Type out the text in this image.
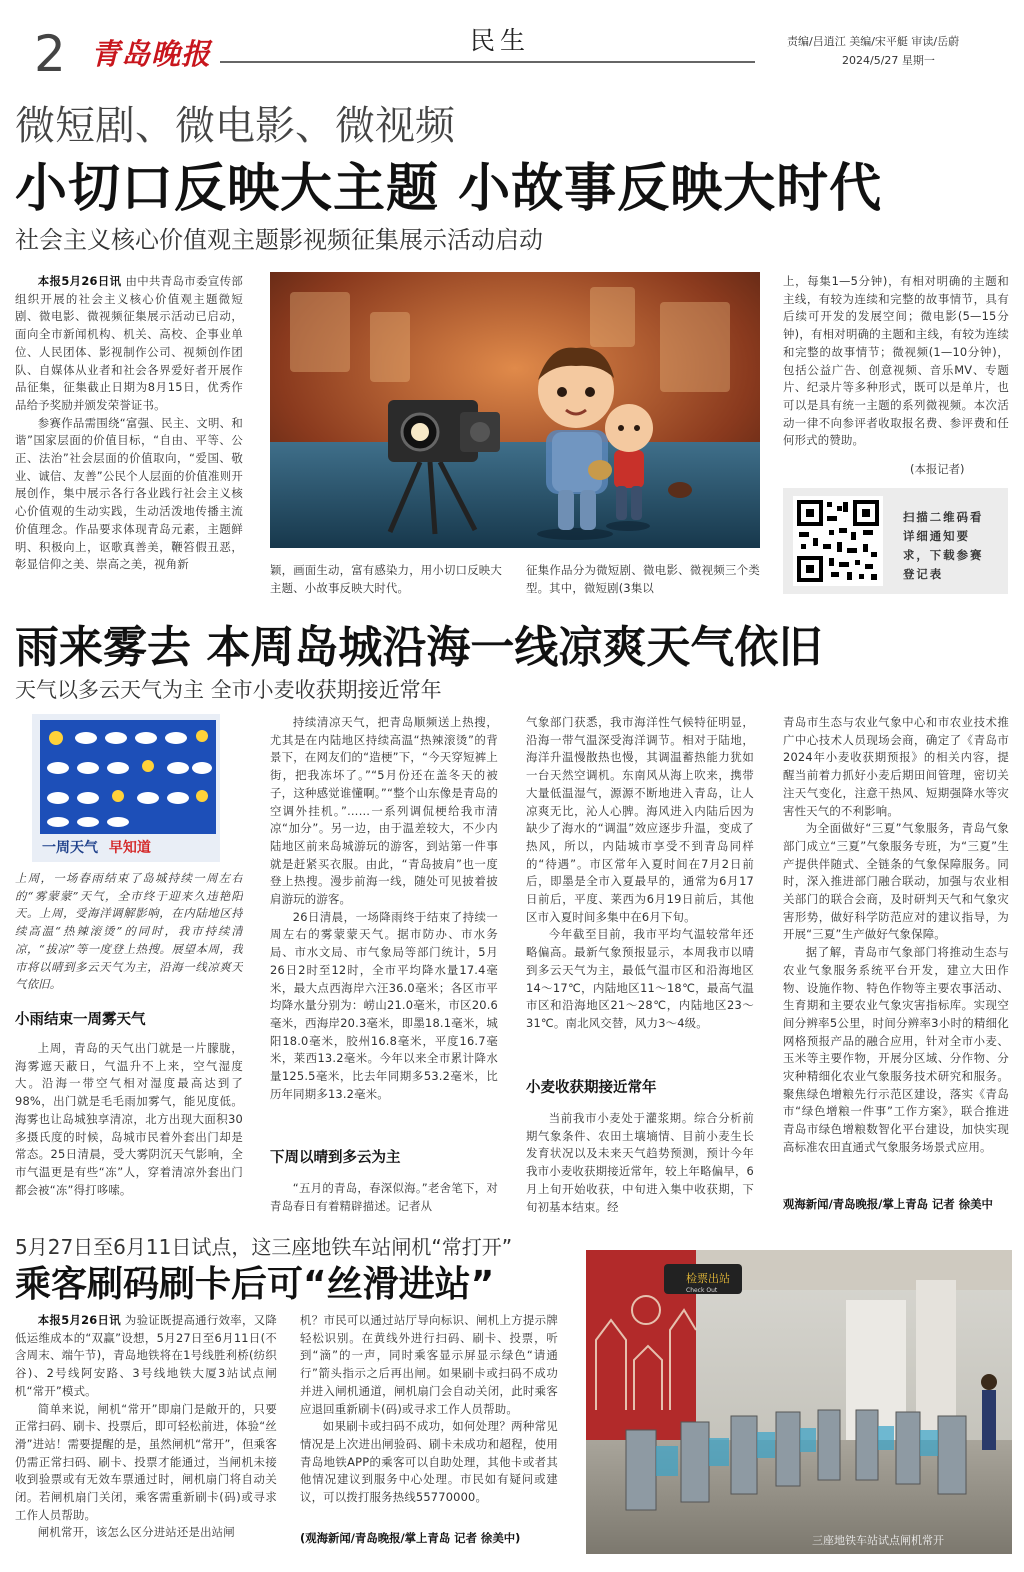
2 青岛晚报	民生	责编/吕逍江 美编/宋平艇 审读/岳蔚
2024/5/27 星期一
微短剧、微电影、微视频
小切口反映大主题 小故事反映大时代
社会主义核心价值观主题影视频征集展示活动启动

本报5月26日讯 由中共青岛市委宣传部组织开展的社会主义核心价值观主题微短剧、微电影、微视频征集展示活动已启动，面向全市新闻机构、机关、高校、企事业单位、人民团体、影视制作公司、视频创作团队、自媒体从业者和社会各界爱好者开展作品征集，征集截止日期为8月15日，优秀作品给予奖励并颁发荣誉证书。

参赛作品需围绕“富强、民主、文明、和谐”国家层面的价值目标，“自由、平等、公正、法治”社会层面的价值取向，“爱国、敬业、诚信、友善”公民个人层面的价值准则开展创作，集中展示各行各业践行社会主义核心价值观的生动实践，生动活泼地传播主流价值理念。作品要求体现青岛元素，主题鲜明、积极向上，讴歌真善美，鞭笞假丑恶，彰显信仰之美、崇高之美，视角新	颖，画面生动，富有感染力，用小切口反映大主题、小故事反映大时代。
征集作品分为微短剧、微电影、微视频三个类型。其中，微短剧(3集以
上，每集1—5分钟)，有相对明确的主题和主线，有较为连续和完整的故事情节，具有后续可开发的发展空间；微电影(5—15分钟)，有相对明确的主题和主线，有较为连续和完整的故事情节；微视频(1—10分钟)，包括公益广告、创意视频、音乐MV、专题片、纪录片等多种形式，既可以是单片，也可以是具有统一主题的系列微视频。本次活动一律不向参评者收取报名费、参评费和任何形式的赞助。
(本报记者)
扫描二维码看详细通知要求，下载参赛登记表
雨来雾去 本周岛城沿海一线凉爽天气依旧
天气以多云天气为主 全市小麦收获期接近常年
一周天气 早知道
上周，一场春雨结束了岛城持续一周左右的“雾蒙蒙”天气，全市终于迎来久违艳阳天。上周，受海洋调解影响，在内陆地区持续高温“热辣滚烫”的同时，我市持续清凉，“拔凉”等一度登上热搜。展望本周，我市将以晴到多云天气为主，沿海一线凉爽天气依旧。
小雨结束一周雾天气

上周，青岛的天气出门就是一片朦胧，海雾遮天蔽日，气温升不上来，空气湿度大。沿海一带空气相对湿度最高达到了98%，出门就是毛毛雨加雾气，能见度低。海雾也让岛城独享清凉，北方出现大面积30多摄氏度的时候，岛城市民着外套出门却是常态。25日清晨，受大雾阴沉天气影响，全市气温更是有些“冻”人，穿着清凉外套出门都会被“冻”得打哆嗦。

持续清凉天气，把青岛顺频送上热搜，尤其是在内陆地区持续高温“热辣滚烫”的背景下，在网友们的“造梗”下，“今天穿短裤上街，把我冻坏了。”“5月份还在盖冬天的被子，这种感觉谁懂啊。”“整个山东像是青岛的空调外挂机。”……一系列调侃梗给我市清凉“加分”。另一边，由于温差较大，不少内陆地区前来岛城游玩的游客，到站第一件事就是赶紧买衣服。由此，“青岛披肩”也一度登上热搜。漫步前海一线，随处可见披着披肩游玩的游客。

26日清晨，一场降雨终于结束了持续一周左右的雾蒙蒙天气。据市防办、市水务局、市水文局、市气象局等部门统计，5月26日2时至12时，全市平均降水量17.4毫米，最大点西海岸六汪36.0毫米；各区市平均降水量分别为：崂山21.0毫米，市区20.6毫米，西海岸20.3毫米，即墨18.1毫米，城阳18.0毫米，胶州16.8毫米，平度16.7毫米，莱西13.2毫米。今年以来全市累计降水量125.5毫米，比去年同期多53.2毫米，比历年同期多13.2毫米。

下周以晴到多云为主

“五月的青岛，春深似海。”老舍笔下，对青岛春日有着精辟描述。记者从

气象部门获悉，我市海洋性气候特征明显，沿海一带气温深受海洋调节。相对于陆地，海洋升温慢散热也慢，其调温蓄热能力犹如一台天然空调机。东南风从海上吹来，携带大量低温湿气，源源不断地进入青岛，让人凉爽无比，沁人心脾。海风进入内陆后因为缺少了海水的“调温”效应逐步升温，变成了热风，所以，内陆城市享受不到青岛同样的“待遇”。市区常年入夏时间在7月2日前后，即墨是全市入夏最早的，通常为6月17日前后，平度、莱西为6月19日前后，其他区市入夏时间多集中在6月下旬。

今年截至目前，我市平均气温较常年还略偏高。最新气象预报显示，本周我市以晴到多云天气为主，最低气温市区和沿海地区14～17℃，内陆地区11～18℃，最高气温市区和沿海地区21～28℃，内陆地区23～31℃。南北风交替，风力3～4级。

小麦收获期接近常年

当前我市小麦处于灌浆期。综合分析前期气象条件、农田土壤墒情、目前小麦生长发育状况以及未来天气趋势预测，预计今年我市小麦收获期接近常年，较上年略偏早，6月上旬开始收获，中旬进入集中收获期，下旬初基本结束。经

青岛市生态与农业气象中心和市农业技术推广中心技术人员现场会商，确定了《青岛市2024年小麦收获期预报》的相关内容，提醒当前着力抓好小麦后期田间管理，密切关注天气变化，注意干热风、短期强降水等灾害性天气的不利影响。

为全面做好“三夏”气象服务，青岛气象部门成立“三夏”气象服务专班，为“三夏”生产提供伴随式、全链条的气象保障服务。同时，深入推进部门融合联动，加强与农业相关部门的联合会商，及时研判天气和气象灾害形势，做好科学防范应对的建议指导，为开展“三夏”生产做好气象保障。

据了解，青岛市气象部门将推动生态与农业气象服务系统平台开发，建立大田作物、设施作物、特色作物等主要农事活动、生育期和主要农业气象灾害指标库。实现空间分辨率5公里，时间分辨率3小时的精细化网格预报产品的融合应用，针对全市小麦、玉米等主要作物，开展分区域、分作物、分灾种精细化农业气象服务技术研究和服务。聚焦绿色增粮先行示范区建设，落实《青岛市“绿色增粮一件事”工作方案》，联合推进青岛市绿色增粮数智化平台建设，加快实现高标准农田直通式气象服务场景式应用。

观海新闻/青岛晚报/掌上青岛 记者 徐美中
5月27日至6月11日试点，这三座地铁车站闸机“常打开”
乘客刷码刷卡后可“丝滑进站”

本报5月26日讯 为验证既提高通行效率，又降低运维成本的“双赢”设想，5月27日至6月11日(不含周末、端午节)，青岛地铁将在1号线胜利桥(纺织谷)、2号线阿安路、3号线地铁大厦3站试点闸机“常开”模式。

简单来说，闸机“常开”即扇门是敞开的，只要正常扫码、刷卡、投票后，即可轻松前进，体验“丝滑”进站！需要提醒的是，虽然闸机“常开”，但乘客仍需正常扫码、刷卡、投票才能通过，当闸机未接收到验票或有无效车票通过时，闸机扇门将自动关闭。若闸机扇门关闭，乘客需重新刷卡(码)或寻求工作人员帮助。

闸机常开，该怎么区分进站还是出站闸

机？市民可以通过站厅导向标识、闸机上方提示牌轻松识别。在黄线外进行扫码、刷卡、投票，听到“滴”的一声，同时乘客显示屏显示绿色“请通行”箭头指示之后再出闸。如果刷卡或扫码不成功并进入闸机通道，闸机扇门会自动关闭，此时乘客应退回重新刷卡(码)或寻求工作人员帮助。

如果刷卡或扫码不成功，如何处理？两种常见情况是上次进出闸验码、刷卡未成功和超程，使用青岛地铁APP的乘客可以自助处理，其他卡或者其他情况建议到服务中心处理。市民如有疑问或建议，可以拨打服务热线55770000。

(观海新闻/青岛晚报/掌上青岛 记者 徐美中)
检票出站
Check Out
三座地铁车站试点闸机常开
